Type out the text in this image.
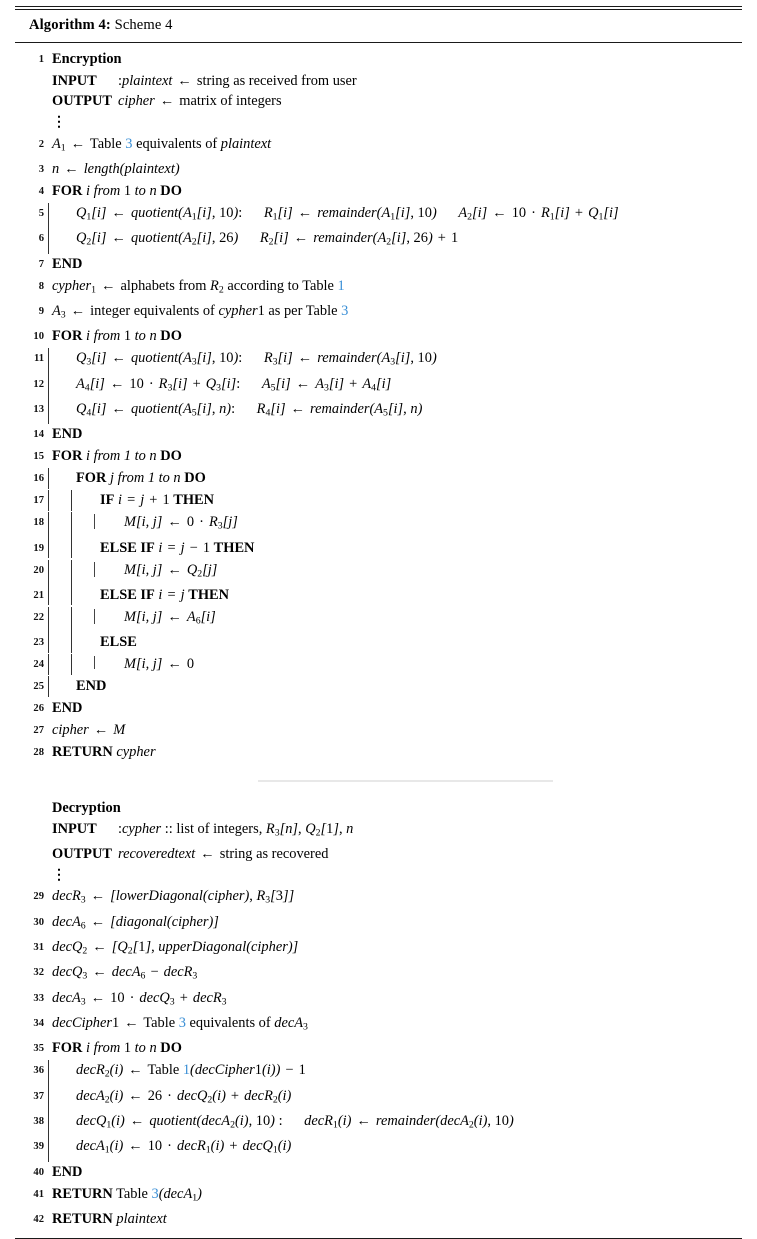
Algorithm 4: Scheme 4
1 Encryption
INPUT :plaintext ← string as received from user
OUTPUT cipher ← matrix of integers
⋮
2 $A_1$ ← Table 3 equivalents of plaintext
3 n ← length(plaintext)
4 FOR i from 1 to n DO
5	$Q_1[i]$ ← $quotient(A_1[i]$, 10): $R_1[i]$ ← $remainder(A_1[i]$, 10) $A_2[i]$ ← $10 \cdot R_1[i] + Q_1[i]$
6	$Q_2[i]$ ← $quotient(A_2[i]$, 26) $R_2[i]$ ← $remainder(A_2[i]$, 26) + 1
7 END
8 cypher$_1$ ← alphabets from $R_2$ according to Table 1
9 $A_3$ ← integer equivalents of cypher1 as per Table 3
10 FOR i from 1 to n DO
11	$Q_3[i]$ ← $quotient(A_3[i]$, 10): $R_3[i]$ ← $remainder(A_3[i]$, 10)
12	$A_4[i]$ ← $10 \cdot R_3[i] + Q_3[i]$: $A_5[i]$ ← $A_3[i] + A_4[i]$
13	$Q_4[i]$ ← $quotient(A_5[i]$, n): $R_4[i]$ ← $remainder(A_5[i]$, n)
14 END
15 FOR i from 1 to n DO
16	FOR j from 1 to n DO
17	IF i = j + 1 THEN
18	M[i, j] ← $0 \cdot R_3[j]$
19	ELSE IF i = j − 1 THEN
20	M[i, j] ← $Q_2[j]$
21	ELSE IF i = j THEN
22	M[i, j] ← $A_6[i]$
23	ELSE
24	M[i, j] ← 0
25	END
26 END
27 cipher ← M
28 RETURN cypher
Decryption
INPUT :cypher :: list of integers, $R_3[n]$, $Q_2[1]$, n
OUTPUT recoveredtext ← string as recovered
⋮
29 decR$_3$ ← [lowerDiagonal(cipher), $R_3[3]$]
30 decA$_6$ ← [diagonal(cipher)]
31 decQ$_2$ ← [$Q_2[1]$, upperDiagonal(cipher)]
32 decQ$_3$ ← decA$_6$ − decR$_3$
33 decA$_3$ ← 10 · decQ$_3$ + decR$_3$
34 decCipher1 ← Table 3 equivalents of decA$_3$
35 FOR i from 1 to n DO
36	decR$_2$(i) ← Table 1(decCipher1(i)) − 1
37	decA$_2$(i) ← 26 · decQ$_2$(i) + decR$_2$(i)
38	decQ$_1$(i) ← quotient(decA$_2$(i), 10) : decR$_1$(i) ← remainder(decA$_2$(i), 10)
39	decA$_1$(i) ← 10 · decR$_1$(i) + decQ$_1$(i)
40 END
41 RETURN Table 3(decA$_1$)
42 RETURN plaintext
